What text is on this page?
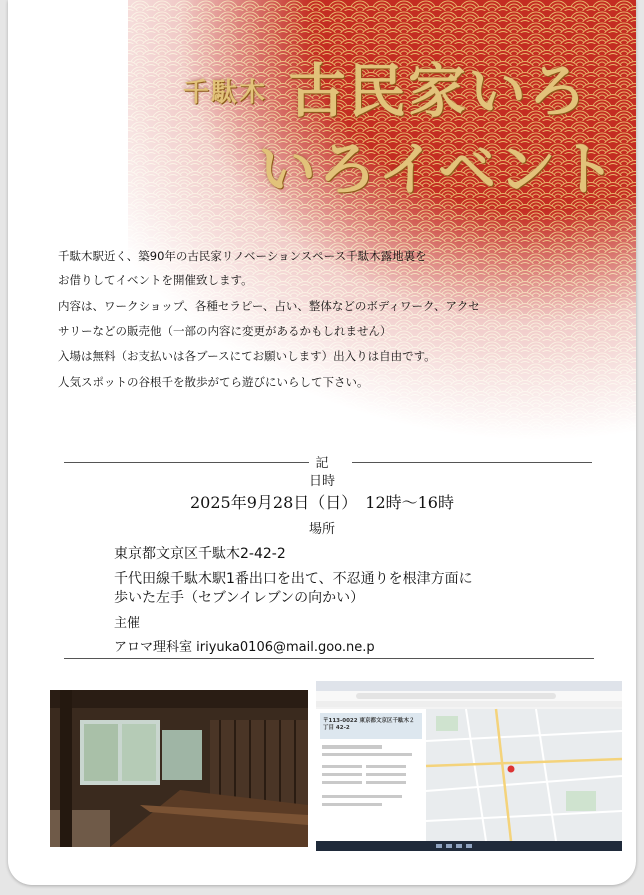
千駄木 古民家いろ
いろイベント
千駄木駅近く、築90年の古民家リノベーションスペース千駄木露地裏を
お借りしてイベントを開催致します。
内容は、ワークショップ、各種セラピー、占い、整体などのボディワーク、アクセ
サリーなどの販売他（一部の内容に変更があるかもしれません）
入場は無料（お支払いは各ブースにてお願いします）出入りは自由です。
人気スポットの谷根千を散歩がてら遊びにいらして下さい。
記
日時
2025年9月28日（日）　12時〜16時
場所
東京都文京区千駄木2-42-2
千代田線千駄木駅1番出口を出て、不忍通りを根津方面に
歩いた左手（セブンイレブンの向かい）
主催
アロマ理科室 iriyuka0106@mail.goo.ne.p
〒113-0022 東京都文京区千駄木２丁目 42-2
